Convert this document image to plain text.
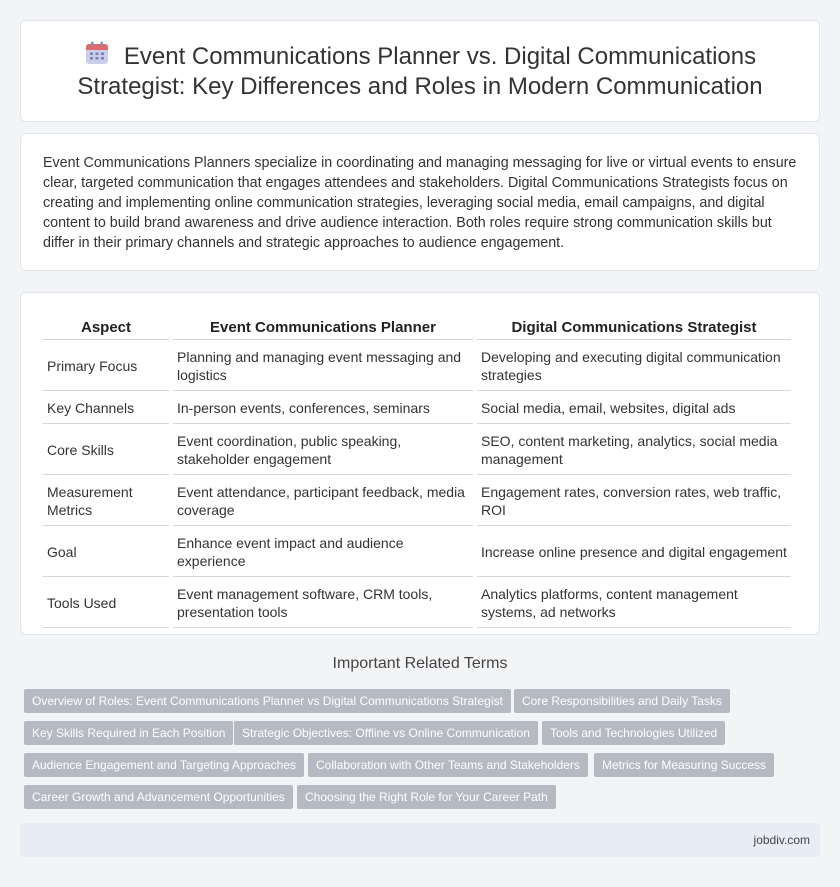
Event Communications Planner vs. Digital Communications Strategist: Key Differences and Roles in Modern Communication

Event Communications Planners specialize in coordinating and managing messaging for live or virtual events to ensure clear, targeted communication that engages attendees and stakeholders. Digital Communications Strategists focus on creating and implementing online communication strategies, leveraging social media, email campaigns, and digital content to build brand awareness and drive audience interaction. Both roles require strong communication skills but differ in their primary channels and strategic approaches to audience engagement.

Aspect	Event Communications Planner	Digital Communications Strategist
Primary Focus	Planning and managing event messaging and logistics	Developing and executing digital communication strategies
Key Channels	In-person events, conferences, seminars	Social media, email, websites, digital ads
Core Skills	Event coordination, public speaking, stakeholder engagement	SEO, content marketing, analytics, social media management
Measurement Metrics	Event attendance, participant feedback, media coverage	Engagement rates, conversion rates, web traffic, ROI
Goal	Enhance event impact and audience experience	Increase online presence and digital engagement
Tools Used	Event management software, CRM tools, presentation tools	Analytics platforms, content management systems, ad networks
Important Related Terms
Overview of Roles: Event Communications Planner vs Digital Communications Strategist	Core Responsibilities and Daily Tasks
Key Skills Required in Each Position	Strategic Objectives: Offline vs Online Communication	Tools and Technologies Utilized
Audience Engagement and Targeting Approaches	Collaboration with Other Teams and Stakeholders	Metrics for Measuring Success
Career Growth and Advancement Opportunities	Choosing the Right Role for Your Career Path
jobdiv.com
